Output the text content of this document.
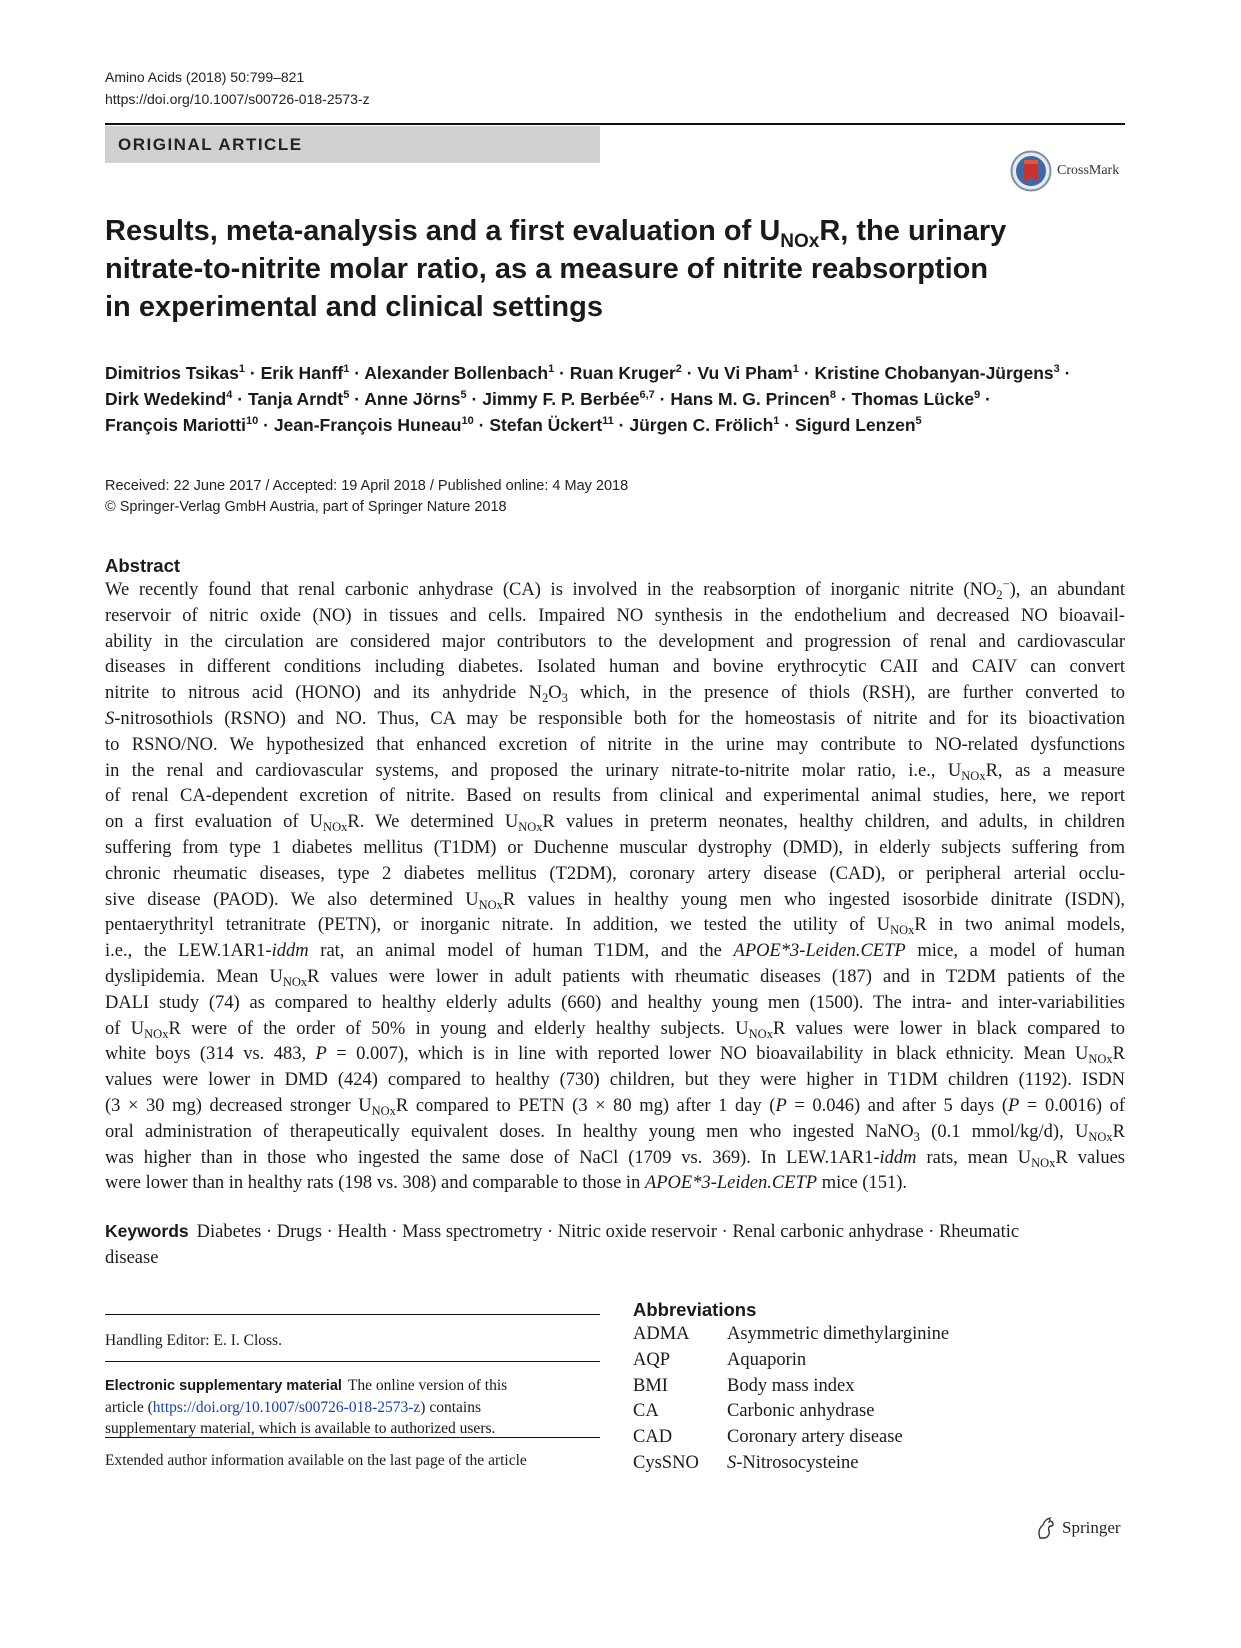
Amino Acids (2018) 50:799–821
https://doi.org/10.1007/s00726-018-2573-z
ORIGINAL ARTICLE
CrossMark
Results, meta-analysis and a first evaluation of $U_{NOx}R$, the urinary
nitrate-to-nitrite molar ratio, as a measure of nitrite reabsorption
in experimental and clinical settings
Dimitrios Tsikas$^1$ · Erik Hanff$^1$ · Alexander Bollenbach$^1$ · Ruan Kruger$^2$ · Vu Vi Pham$^1$ · Kristine Chobanyan-Jürgens$^3$ ·
Dirk Wedekind$^4$ · Tanja Arndt$^5$ · Anne Jörns$^5$ · Jimmy F. P. Berbée$^{6,7}$ · Hans M. G. Princen$^8$ · Thomas Lücke$^9$ ·
François Mariotti$^{10}$ · Jean-François Huneau$^{10}$ · Stefan Ückert$^{11}$ · Jürgen C. Frölich$^1$ · Sigurd Lenzen$^5$
Received: 22 June 2017 / Accepted: 19 April 2018 / Published online: 4 May 2018
© Springer-Verlag GmbH Austria, part of Springer Nature 2018
Abstract
We recently found that renal carbonic anhydrase (CA) is involved in the reabsorption of inorganic nitrite $(NO_2^-)$, an abundant
reservoir of nitric oxide (NO) in tissues and cells. Impaired NO synthesis in the endothelium and decreased NO bioavail-
ability in the circulation are considered major contributors to the development and progression of renal and cardiovascular
diseases in different conditions including diabetes. Isolated human and bovine erythrocytic CAII and CAIV can convert
nitrite to nitrous acid (HONO) and its anhydride $N_2O_3$ which, in the presence of thiols (RSH), are further converted to
S-nitrosothiols (RSNO) and NO. Thus, CA may be responsible both for the homeostasis of nitrite and for its bioactivation
to RSNO/NO. We hypothesized that enhanced excretion of nitrite in the urine may contribute to NO-related dysfunctions
in the renal and cardiovascular systems, and proposed the urinary nitrate-to-nitrite molar ratio, i.e., $U_{NOx}R$, as a measure
of renal CA-dependent excretion of nitrite. Based on results from clinical and experimental animal studies, here, we report
on a first evaluation of $U_{NOx}R$. We determined $U_{NOx}R$ values in preterm neonates, healthy children, and adults, in children
suffering from type 1 diabetes mellitus (T1DM) or Duchenne muscular dystrophy (DMD), in elderly subjects suffering from
chronic rheumatic diseases, type 2 diabetes mellitus (T2DM), coronary artery disease (CAD), or peripheral arterial occlu-
sive disease (PAOD). We also determined $U_{NOx}R$ values in healthy young men who ingested isosorbide dinitrate (ISDN),
pentaerythrityl tetranitrate (PETN), or inorganic nitrate. In addition, we tested the utility of $U_{NOx}R$ in two animal models,
i.e., the LEW.1AR1-iddm rat, an animal model of human T1DM, and the APOE*3-Leiden.CETP mice, a model of human
dyslipidemia. Mean $U_{NOx}R$ values were lower in adult patients with rheumatic diseases (187) and in T2DM patients of the
DALI study (74) as compared to healthy elderly adults (660) and healthy young men (1500). The intra- and inter-variabilities
of $U_{NOx}R$ were of the order of 50% in young and elderly healthy subjects. $U_{NOx}R$ values were lower in black compared to
white boys (314 vs. 483, P = 0.007), which is in line with reported lower NO bioavailability in black ethnicity. Mean $U_{NOx}R$
values were lower in DMD (424) compared to healthy (730) children, but they were higher in T1DM children (1192). ISDN
(3 × 30 mg) decreased stronger $U_{NOx}R$ compared to PETN (3 × 80 mg) after 1 day (P = 0.046) and after 5 days (P = 0.0016) of
oral administration of therapeutically equivalent doses. In healthy young men who ingested NaNO$_3$ (0.1 mmol/kg/d), $U_{NOx}R$
was higher than in those who ingested the same dose of NaCl (1709 vs. 369). In LEW.1AR1-iddm rats, mean $U_{NOx}R$ values
were lower than in healthy rats (198 vs. 308) and comparable to those in APOE*3-Leiden.CETP mice (151).
Keywords Diabetes · Drugs · Health · Mass spectrometry · Nitric oxide reservoir · Renal carbonic anhydrase · Rheumatic
disease
Handling Editor: E. I. Closs.
Electronic supplementary material The online version of this
article (https://doi.org/10.1007/s00726-018-2573-z) contains
supplementary material, which is available to authorized users.
Extended author information available on the last page of the article
Abbreviations
ADMA	Asymmetric dimethylarginine
AQP	Aquaporin
BMI	Body mass index
CA	Carbonic anhydrase
CAD	Coronary artery disease
CysSNO	S-Nitrosocysteine
Springer
